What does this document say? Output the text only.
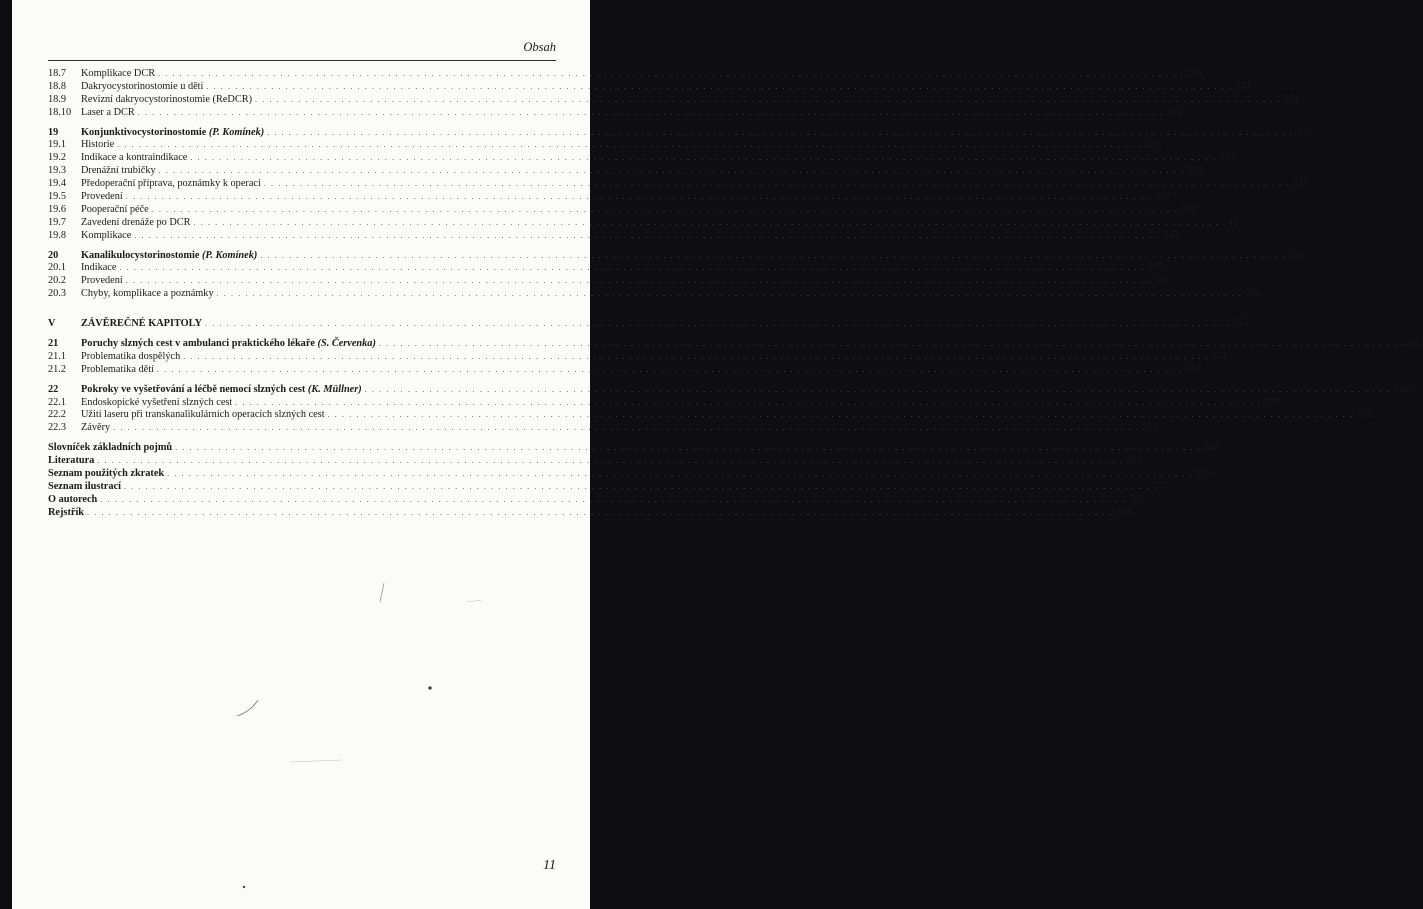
Obsah
18.7	Komplikace DCR . . .	228
18.8	Dakryocystorinostomie u dětí . . .	231
18.9	Revizní dakryocystorinostomie (ReDCR) . . .	231
18.10 Laser a DCR . . .	232
19	Konjunktivocystorinostomie (P. Komínek) . . .	233
19.1	Historie . . .	233
19.2	Indikace a kontraindikace . . .	233
19.3	Drenážní trubičky . . .	234
19.4	Předoperační příprava, poznámky k operaci . . .	235
19.5	Provedení . . .	237
19.6	Pooperační péče . . .	240
19.7	Zavedení drenáže po DCR . . .	242
19.8	Komplikace . . .	242
20	Kanalikulocystorinostomie (P. Komínek) . . .	245
20.1	Indikace . . .	245
20.2	Provedení . . .	245
20.3	Chyby, komplikace a poznámky . . .	248
V	ZÁVĚREČNÉ KAPITOLY . . .	251
21	Poruchy slzných cest v ambulanci praktického lékaře (S. Červenka) . . .	252
21.1	Problematika dospělých . . .	252
21.2	Problematika dětí . . .	254
22	Pokroky ve vyšetřování a léčbě nemocí slzných cest (K. Müllner) . . .	258
22.1	Endoskopické vyšetření slzných cest . . .	258
22.2	Užití laseru při transkanalikulárních operacích slzných cest . . .	261
22.3	Závěry . . .	264
Slovníček základních pojmů . . .	265
Literatura . . .	267
Seznam použitých zkratek . . .	276
Seznam ilustrací . . .	277
O autorech . . .	282
Rejstřík . . .	283
11
